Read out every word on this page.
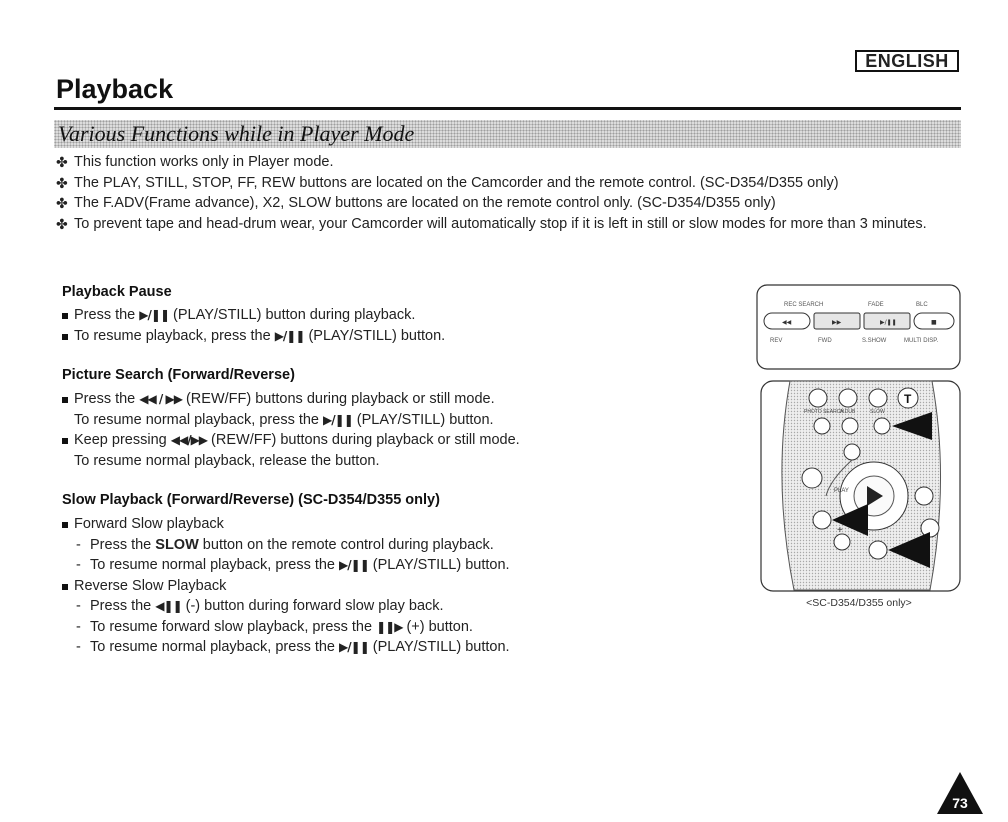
ENGLISH
Playback
Various Functions while in Player Mode
✤ This function works only in Player mode.
✤ The PLAY, STILL, STOP, FF, REW buttons are located on the Camcorder and the remote control. (SC-D354/D355 only)
✤ The F.ADV(Frame advance), X2, SLOW buttons are located on the remote control only. (SC-D354/D355 only)
✤ To prevent tape and head-drum wear, your Camcorder will automatically stop if it is left in still or slow modes for more than 3 minutes.
Playback Pause
Press the ▶/❚❚ (PLAY/STILL) button during playback.
To resume playback, press the ▶/❚❚ (PLAY/STILL) button.
Picture Search (Forward/Reverse)
Press the ◀◀ / ▶▶ (REW/FF) buttons during playback or still mode.
To resume normal playback, press the ▶/❚❚ (PLAY/STILL) button.
Keep pressing ◀◀/▶▶ (REW/FF) buttons during playback or still mode.
To resume normal playback, release the button.
Slow Playback (Forward/Reverse) (SC-D354/D355 only)
Forward Slow playback
- Press the SLOW button on the remote control during playback.
- To resume normal playback, press the ▶/❚❚ (PLAY/STILL) button.
Reverse Slow Playback
- Press the ◀❚❚ (-) button during forward slow play back.
- To resume forward slow playback, press the ❚❚▶ (+) button.
- To resume normal playback, press the ▶/❚❚ (PLAY/STILL) button.
REC SEARCH	FADE	BLC
◀◀	▶▶	▶/❚❚	■
REV	FWD	S.SHOW	MULTI DISP.
T
PHOTO SEARCH
A.DUB	SLOW
PLAY
+

<SC-D354/D355 only>

73
